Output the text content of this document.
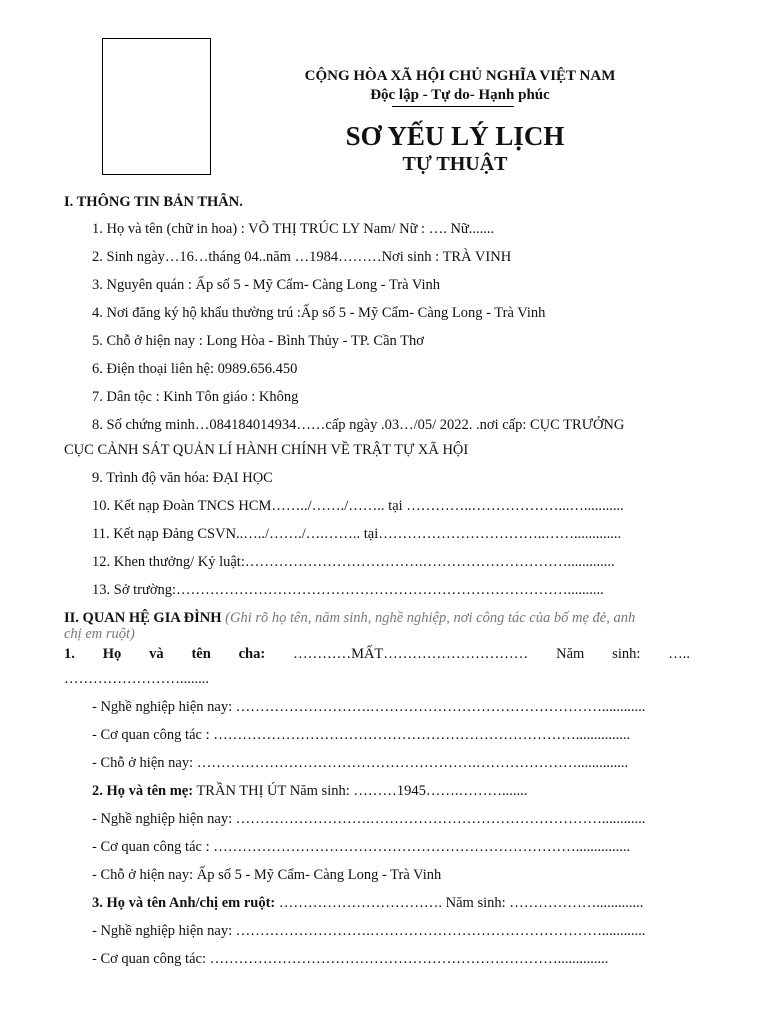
CỘNG HÒA XÃ HỘI CHỦ NGHĨA VIỆT NAM
Độc lập - Tự do- Hạnh phúc
SƠ YẾU LÝ LỊCH
TỰ THUẬT
I. THÔNG TIN BẢN THÂN.
1. Họ và tên (chữ in hoa) : VÕ THỊ TRÚC LY Nam/ Nữ : …. Nữ.......
2. Sinh ngày…16…tháng 04..năm …1984………Nơi sinh : TRÀ VINH
3. Nguyên quán : Ấp số 5 - Mỹ Cẩm- Càng Long - Trà Vinh
4. Nơi đăng ký hộ khẩu thường trú :Ấp số 5 - Mỹ Cẩm- Càng Long - Trà Vinh
5. Chỗ ở hiện nay : Long Hòa - Bình Thủy - TP. Cần Thơ
6. Điện thoại liên hệ: 0989.656.450
7. Dân tộc : Kinh Tôn giáo : Không
8. Số chứng minh…084184014934……cấp ngày .03…/05/ 2022. .nơi cấp: CỤC TRƯỞNG
CỤC CẢNH SÁT QUẢN LÍ HÀNH CHÍNH VỀ TRẬT TỰ XÃ HỘI
9. Trình độ văn hóa: ĐẠI HỌC
10. Kết nạp Đoàn TNCS HCM……../……./…….. tại …………..………………...…...........
11. Kết nạp Đảng CSVN..…../……./….…….. tại……………………………..…….............
12. Khen thưởng/ Kỷ luật:……………………………….………………………….............
13. Sở trường:………………………………………………………………………..........
II. QUAN HỆ GIA ĐÌNH (Ghi rõ họ tên, năm sinh, nghề nghiệp, nơi công tác của bố mẹ đẻ, anh
chị em ruột)
1. Họ và tên cha: …………MẤT………………………… Năm sinh: …..
……………………........
- Nghề nghiệp hiện nay: ……………………….…………………………………………............
- Cơ quan công tác : …………………………………………………………………...............
- Chỗ ở hiện nay: ………………………………………………….…………………..............
2. Họ và tên mẹ: TRẦN THỊ ÚT Năm sinh: ………1945…….……….......
- Nghề nghiệp hiện nay: ……………………….…………………………………………............
- Cơ quan công tác : …………………………………………………………………...............
- Chỗ ở hiện nay: Ấp số 5 - Mỹ Cẩm- Càng Long - Trà Vinh
3. Họ và tên Anh/chị em ruột: ……………………………. Năm sinh: ……………….............
- Nghề nghiệp hiện nay: ……………………….…………………………………………............
- Cơ quan công tác: ………………………………………………………………..............
